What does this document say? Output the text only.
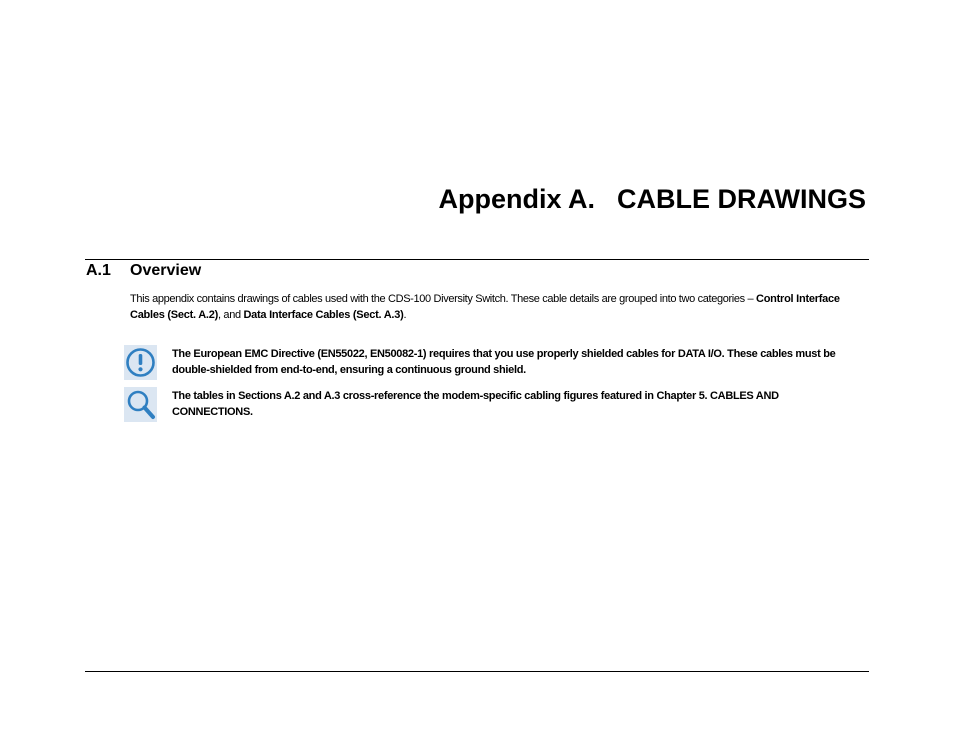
Appendix A. CABLE DRAWINGS
A.1 Overview

This appendix contains drawings of cables used with the CDS-100 Diversity Switch. These cable details are grouped into two categories – Control Interface Cables (Sect. A.2), and Data Interface Cables (Sect. A.3).

The European EMC Directive (EN55022, EN50082-1) requires that you use properly shielded cables for DATA I/O. These cables must be double-shielded from end-to-end, ensuring a continuous ground shield.

The tables in Sections A.2 and A.3 cross-reference the modem-specific cabling figures featured in Chapter 5. CABLES AND CONNECTIONS.
